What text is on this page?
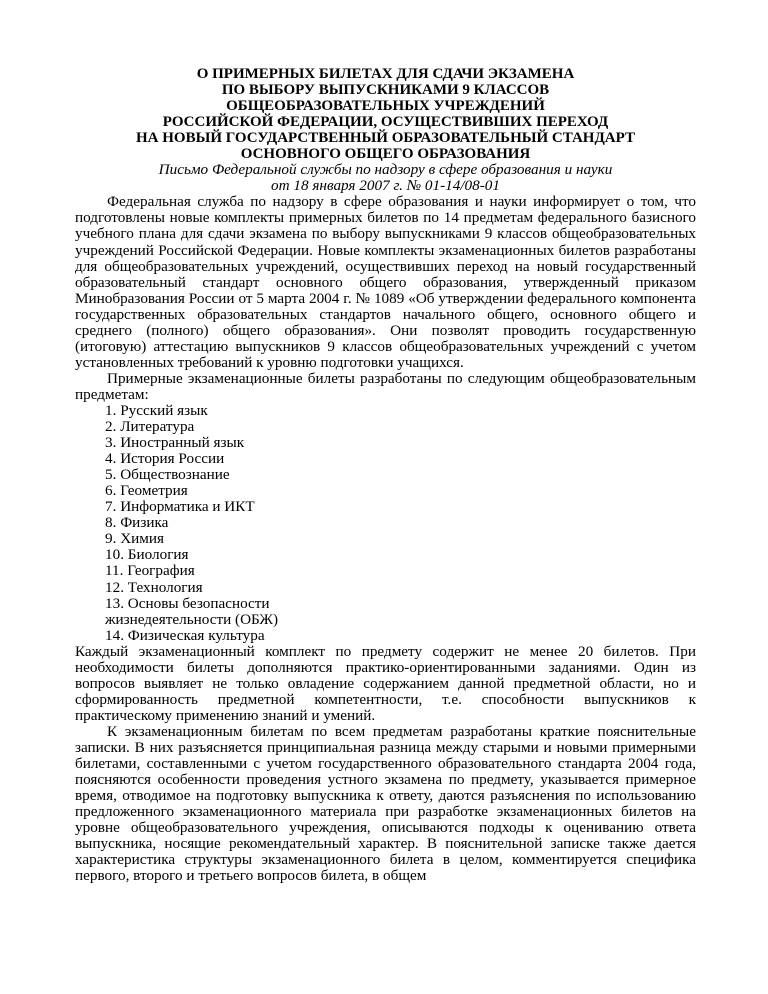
О ПРИМЕРНЫХ БИЛЕТАХ ДЛЯ СДАЧИ ЭКЗАМЕНА
ПО ВЫБОРУ ВЫПУСКНИКАМИ 9 КЛАССОВ
ОБЩЕОБРАЗОВАТЕЛЬНЫХ УЧРЕЖДЕНИЙ
РОССИЙСКОЙ ФЕДЕРАЦИИ, ОСУЩЕСТВИВШИХ ПЕРЕХОД
НА НОВЫЙ ГОСУДАРСТВЕННЫЙ ОБРАЗОВАТЕЛЬНЫЙ СТАНДАРТ
ОСНОВНОГО ОБЩЕГО ОБРАЗОВАНИЯ
Письмо Федеральной службы по надзору в сфере образования и науки
от 18 января 2007 г. № 01-14/08-01

Федеральная служба по надзору в сфере образования и науки информирует о том, что подготовлены новые комплекты примерных билетов по 14 предметам федерального базисного учебного плана для сдачи экзамена по выбору выпускниками 9 классов общеобразовательных учреждений Российской Федерации. Новые комплекты экзаменационных билетов разработаны для общеобразовательных учреждений, осуществивших переход на новый государственный образовательный стандарт основного общего образования, утвержденный приказом Минобразования России от 5 марта 2004 г. № 1089 «Об утверждении федерального компонента государственных образовательных стандартов начального общего, основного общего и среднего (полного) общего образования». Они позволят проводить государственную (итоговую) аттестацию выпускников 9 классов общеобразовательных учреждений с учетом установленных требований к уровню подготовки учащихся.

Примерные экзаменационные билеты разработаны по следующим общеобразовательным предметам:

1. Русский язык
2. Литература
3. Иностранный язык
4. История России
5. Обществознание
6. Геометрия
7. Информатика и ИКТ
8. Физика
9. Химия
10. Биология
11. География
12. Технология
13. Основы безопасности
жизнедеятельности (ОБЖ)
14. Физическая культура

Каждый экзаменационный комплект по предмету содержит не менее 20 билетов. При необходимости билеты дополняются практико-ориентированными заданиями. Один из вопросов выявляет не только овладение содержанием данной предметной области, но и сформированность предметной компетентности, т.е. способности выпускников к практическому применению знаний и умений.

К экзаменационным билетам по всем предметам разработаны краткие пояснительные записки. В них разъясняется принципиальная разница между старыми и новыми примерными билетами, составленными с учетом государственного образовательного стандарта 2004 года, поясняются особенности проведения устного экзамена по предмету, указывается примерное время, отводимое на подготовку выпускника к ответу, даются разъяснения по использованию предложенного экзаменационного материала при разработке экзаменационных билетов на уровне общеобразовательного учреждения, описываются подходы к оцениванию ответа выпускника, носящие рекомендательный характер. В пояснительной записке также дается характеристика структуры экзаменационного билета в целом, комментируется специфика первого, второго и третьего вопросов билета, в общем
